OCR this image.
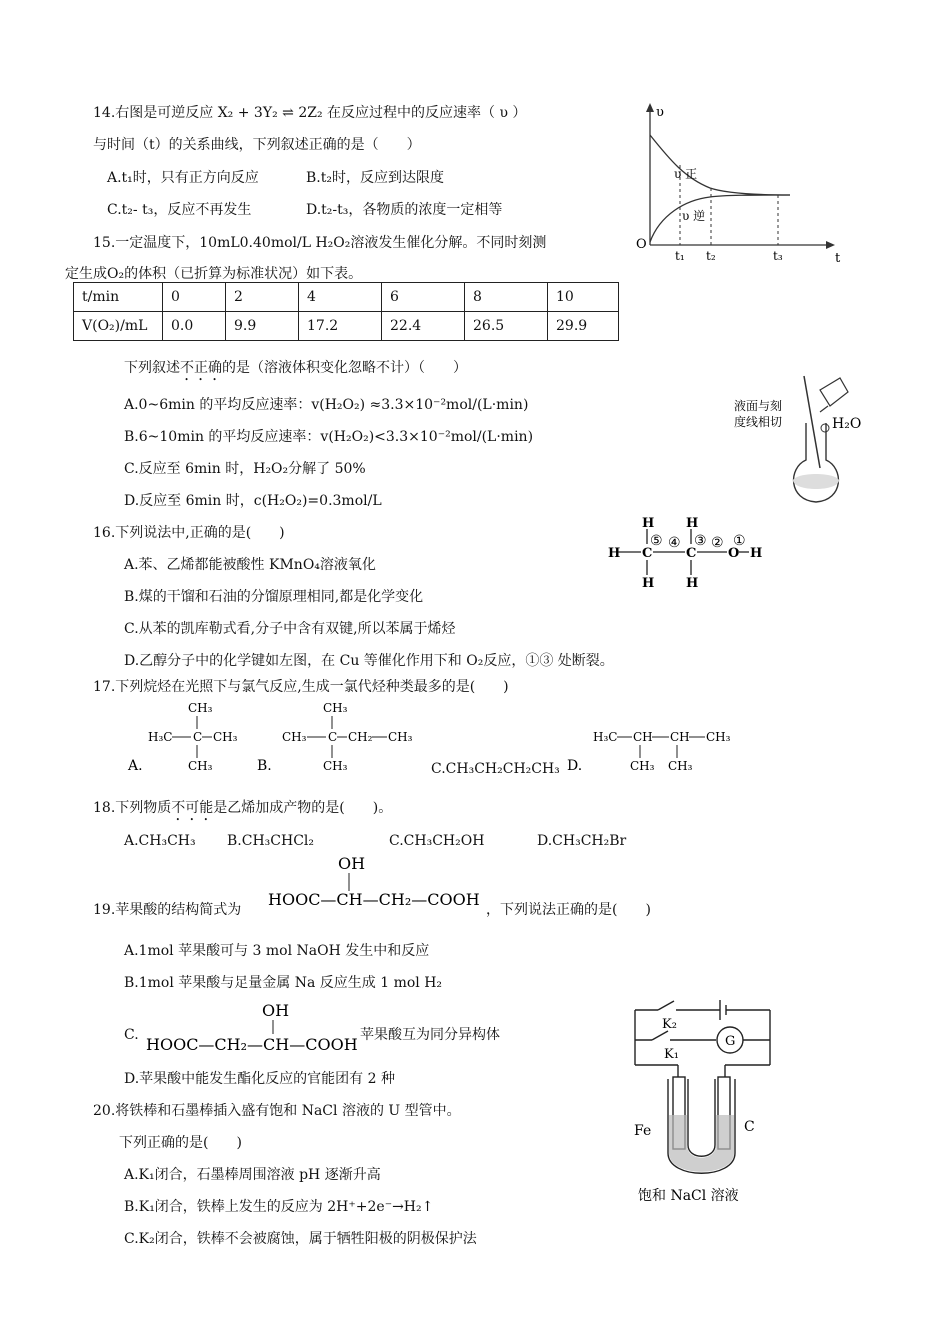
14.右图是可逆反应 X₂ + 3Y₂ ⇌ 2Z₂ 在反应过程中的反应速率（ υ ）
与时间（t）的关系曲线，下列叙述正确的是（　　）
A.t₁时，只有正方向反应	B.t₂时，反应到达限度
C.t₂- t₃，反应不再发生	D.t₂-t₃，各物质的浓度一定相等
υ
t
O
υ 正
υ 逆
t₁ t₂	t₃
15.一定温度下，10mL0.40mol/L H₂O₂溶液发生催化分解。不同时刻测
定生成O₂的体积（已折算为标准状况）如下表。
t/min	0	2	4	6	8	10
V(O₂)/mL	0.0	9.9	17.2	22.4	26.5	29.9
下列叙述不正确的是（溶液体积变化忽略不计）（　　）
A.0~6min 的平均反应速率：v(H₂O₂) ≈3.3×10⁻²mol/(L·min)
B.6~10min 的平均反应速率：v(H₂O₂)<3.3×10⁻²mol/(L·min)
C.反应至 6min 时，H₂O₂分解了 50%
D.反应至 6min 时，c(H₂O₂)=0.3mol/L
液面与刻
度线相切	H₂O
16.下列说法中,正确的是(　　)
A.苯、乙烯都能被酸性 KMnO₄溶液氧化
B.煤的干馏和石油的分馏原理相同,都是化学变化
C.从苯的凯库勒式看,分子中含有双键,所以苯属于烯烃
D.乙醇分子中的化学键如左图，在 Cu 等催化作用下和 O₂反应，①③ 处断裂。
H H
H C	C O H
H H
⑤ ④ ③ ② ①
17.下列烷烃在光照下与氯气反应,生成一氯代烃种类最多的是(　　)
A.
CH₃
H₃C C CH₃
CH₃	B.
CH₃
CH₃ C CH₂ CH₃
CH₃	D.
H₃C CH CH CH₃
CH₃ CH₃
C.CH₃CH₂CH₂CH₃
18.下列物质不可能是乙烯加成产物的是(　　)。
A.CH₃CH₃ B.CH₃CHCl₂	C.CH₃CH₂OH	D.CH₃CH₂Br
19.苹果酸的结构简式为
OH
HOOC—CH—CH₂—COOH
，下列说法正确的是(　　)
A.1mol 苹果酸可与 3 mol NaOH 发生中和反应
B.1mol 苹果酸与足量金属 Na 反应生成 1 mol H₂
C.
OH
HOOC—CH₂—CH—COOH 苹果酸互为同分异构体
D.苹果酸中能发生酯化反应的官能团有 2 种
20.将铁棒和石墨棒插入盛有饱和 NaCl 溶液的 U 型管中。
下列正确的是(　　)
A.K₁闭合，石墨棒周围溶液 pH 逐渐升高
B.K₁闭合，铁棒上发生的反应为 2H⁺+2e⁻→H₂↑
C.K₂闭合，铁棒不会被腐蚀，属于牺牲阳极的阴极保护法
K₂
K₁
G
Fe	C
饱和 NaCl 溶液
